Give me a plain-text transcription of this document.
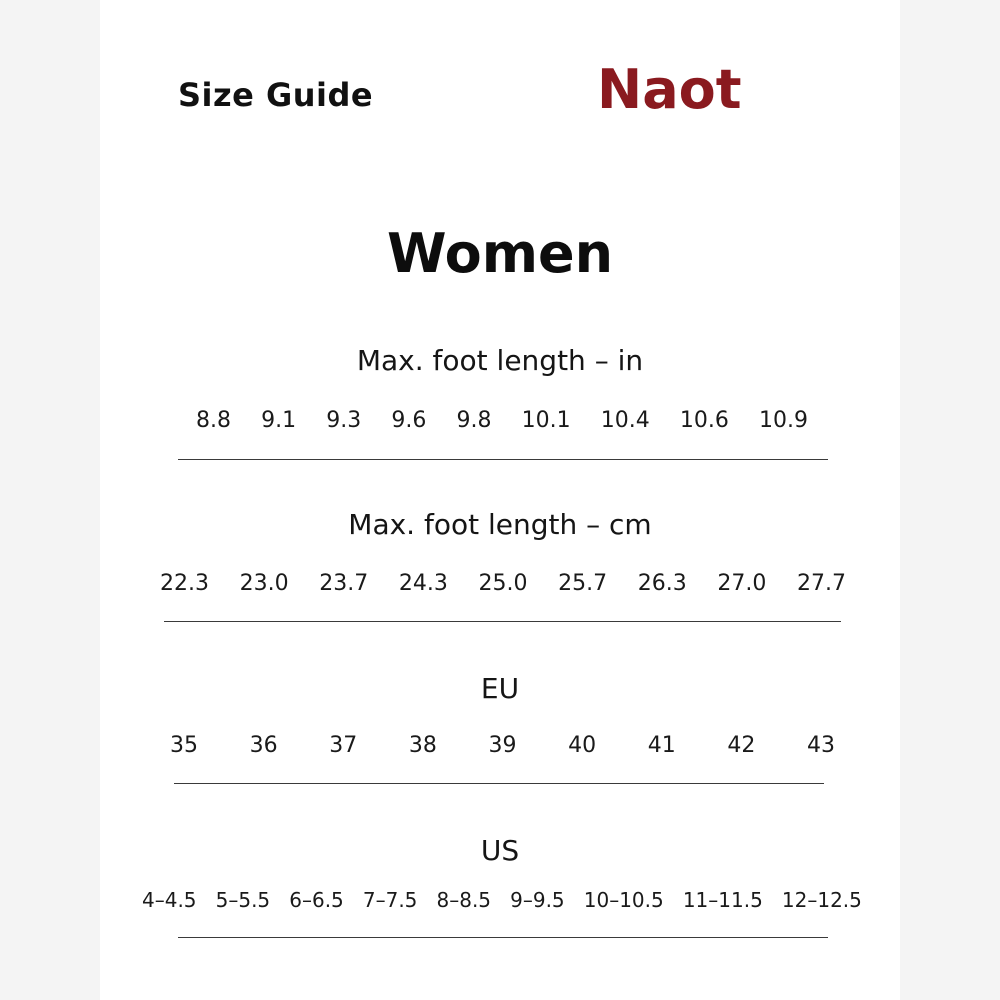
Size Guide	Naot
Women
Max. foot length – in
8.8 9.1 9.3 9.6 9.8 10.1 10.4 10.6 10.9
Max. foot length – cm
22.3 23.0 23.7 24.3 25.0 25.7 26.3 27.0 27.7
EU
35 36 37 38 39 40 41 42 43
US
4–4.5 5–5.5 6–6.5 7–7.5 8–8.5 9–9.5 10–10.5 11–11.5 12–12.5
